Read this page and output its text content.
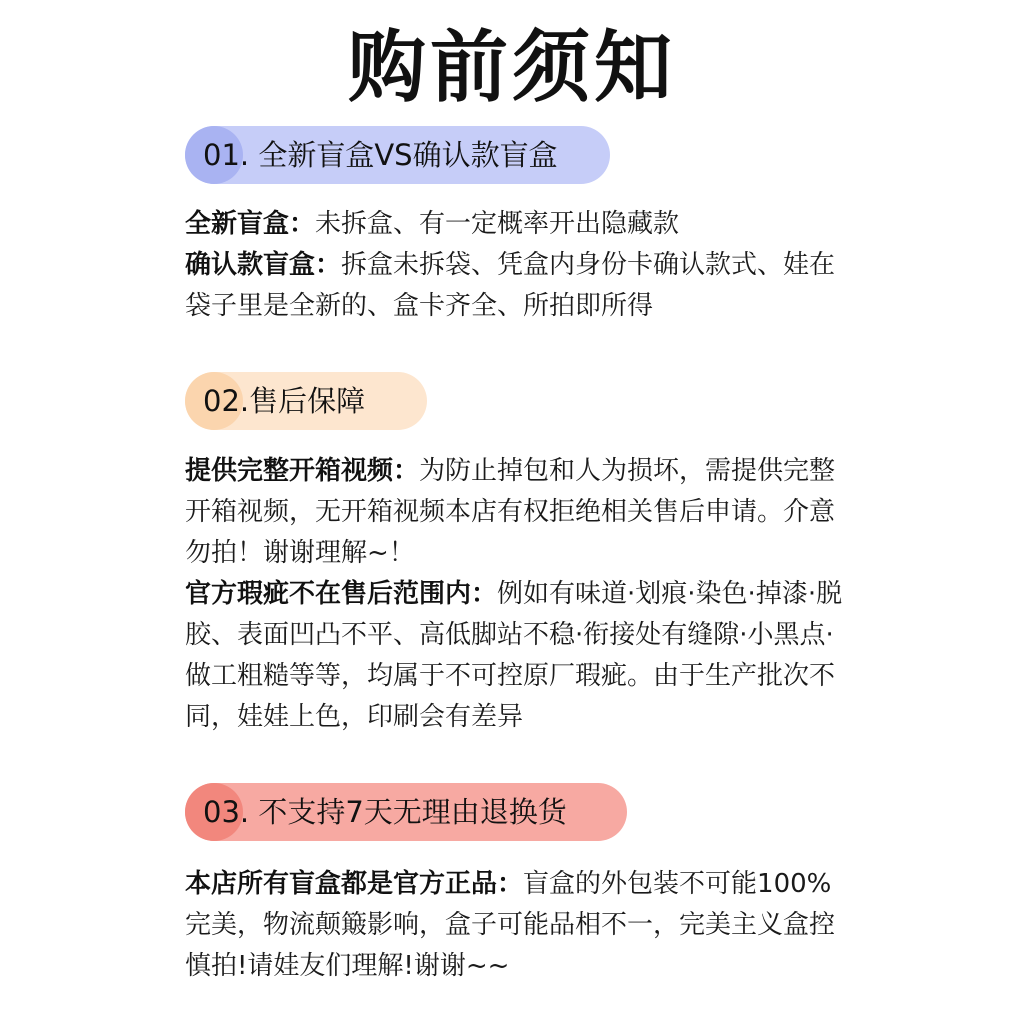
购前须知
01. 全新盲盒VS确认款盲盒

全新盲盒：未拆盒、有一定概率开出隐藏款

确认款盲盒：拆盒未拆袋、凭盒内身份卡确认款式、娃在袋子里是全新的、盒卡齐全、所拍即所得

02.售后保障

提供完整开箱视频：为防止掉包和人为损坏，需提供完整开箱视频，无开箱视频本店有权拒绝相关售后申请。介意勿拍！谢谢理解~！

官方瑕疵不在售后范围内：例如有味道·划痕·染色·掉漆·脱胶、表面凹凸不平、高低脚站不稳·衔接处有缝隙·小黑点·做工粗糙等等，均属于不可控原厂瑕疵。由于生产批次不同，娃娃上色，印刷会有差异

03. 不支持7天无理由退换货

本店所有盲盒都是官方正品：盲盒的外包装不可能100%完美，物流颠簸影响，盒子可能品相不一，完美主义盒控慎拍!请娃友们理解!谢谢~~
